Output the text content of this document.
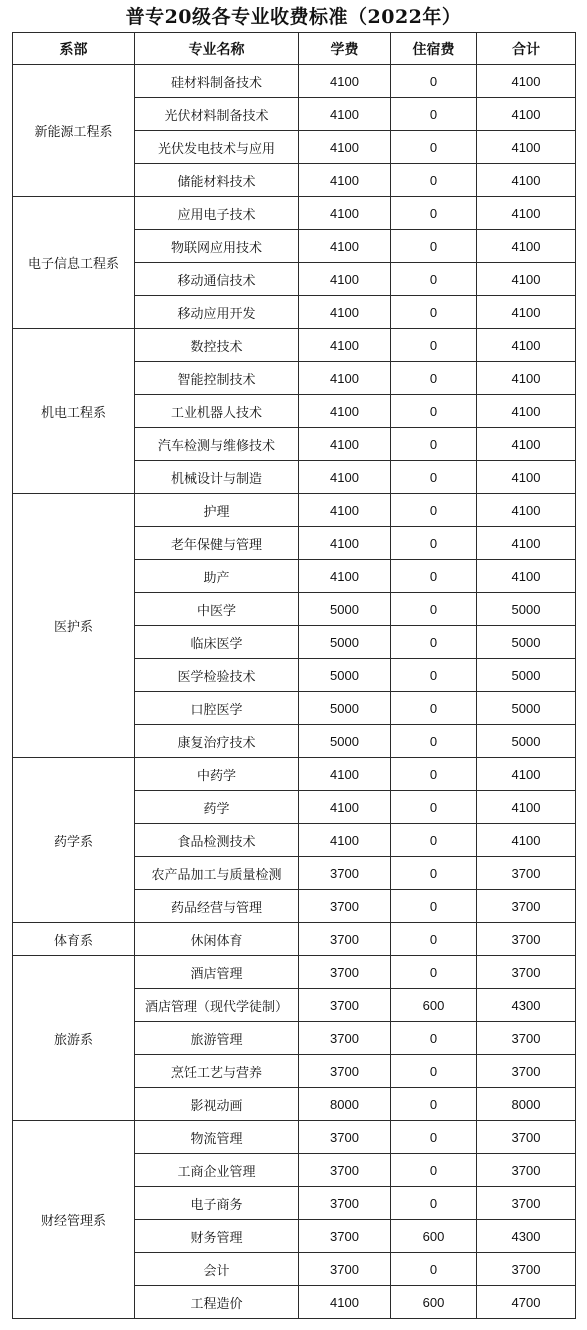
普专20级各专业收费标准（2022年）
系部	专业名称	学费	住宿费	合计
新能源工程系	硅材料制备技术	4100	0	4100
	光伏材料制备技术	4100	0	4100
	光伏发电技术与应用	4100	0	4100
	储能材料技术	4100	0	4100
电子信息工程系	应用电子技术	4100	0	4100
	物联网应用技术	4100	0	4100
	移动通信技术	4100	0	4100
	移动应用开发	4100	0	4100
机电工程系	数控技术	4100	0	4100
	智能控制技术	4100	0	4100
	工业机器人技术	4100	0	4100
	汽车检测与维修技术	4100	0	4100
	机械设计与制造	4100	0	4100
医护系	护理	4100	0	4100
	老年保健与管理	4100	0	4100
	助产	4100	0	4100
	中医学	5000	0	5000
	临床医学	5000	0	5000
	医学检验技术	5000	0	5000
	口腔医学	5000	0	5000
	康复治疗技术	5000	0	5000
药学系	中药学	4100	0	4100
	药学	4100	0	4100
	食品检测技术	4100	0	4100
	农产品加工与质量检测	3700	0	3700
	药品经营与管理	3700	0	3700
体育系	休闲体育	3700	0	3700
旅游系	酒店管理	3700	0	3700
	酒店管理（现代学徒制）	3700	600	4300
	旅游管理	3700	0	3700
	烹饪工艺与营养	3700	0	3700
	影视动画	8000	0	8000
财经管理系	物流管理	3700	0	3700
	工商企业管理	3700	0	3700
	电子商务	3700	0	3700
	财务管理	3700	600	4300
	会计	3700	0	3700
	工程造价	4100	600	4700
